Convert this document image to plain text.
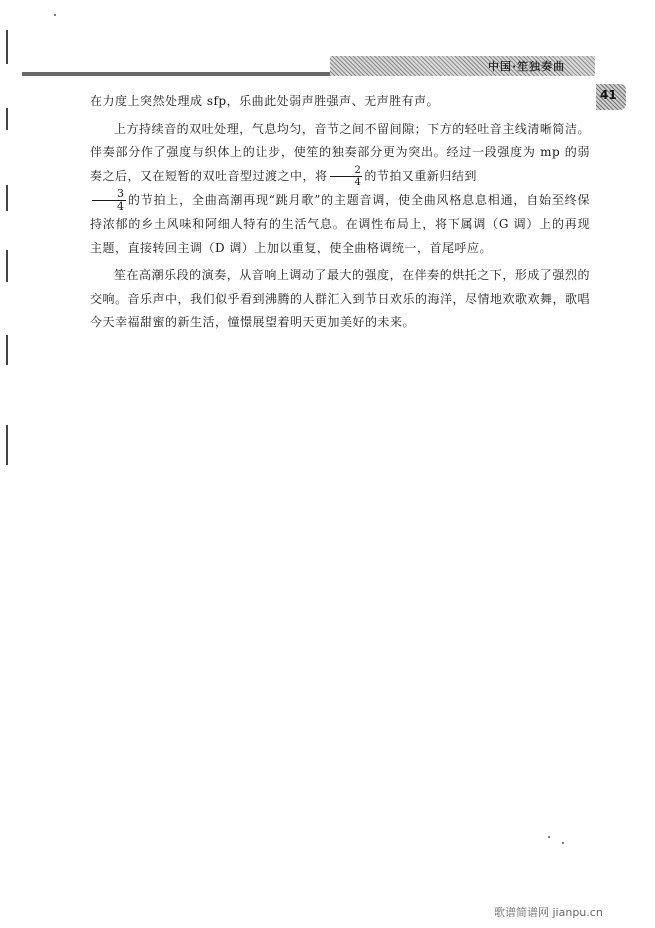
中国·笙独奏曲
41

在力度上突然处理成 sfp，乐曲此处弱声胜强声、无声胜有声。

上方持续音的双吐处理，气息均匀，音节之间不留间隙；下方的轻吐音主线清晰简洁。伴奏部分作了强度与织体上的让步，使笙的独奏部分更为突出。经过一段强度为 mp 的弱奏之后，又在短暂的双吐音型过渡之中，将 $\frac{2}{4}$ 的节拍又重新归结到

$\frac{3}{4}$ 的节拍上，全曲高潮再现“跳月歌”的主题音调，使全曲风格息息相通，自始至终保持浓郁的乡土风味和阿细人特有的生活气息。在调性布局上，将下属调（G 调）上的再现主题，直接转回主调（D 调）上加以重复，使全曲格调统一，首尾呼应。

笙在高潮乐段的演奏，从音响上调动了最大的强度，在伴奏的烘托之下，形成了强烈的交响。音乐声中，我们似乎看到沸腾的人群汇入到节日欢乐的海洋，尽情地欢歌欢舞，歌唱今天幸福甜蜜的新生活，憧憬展望着明天更加美好的未来。

歌谱简谱网 jianpu.cn
